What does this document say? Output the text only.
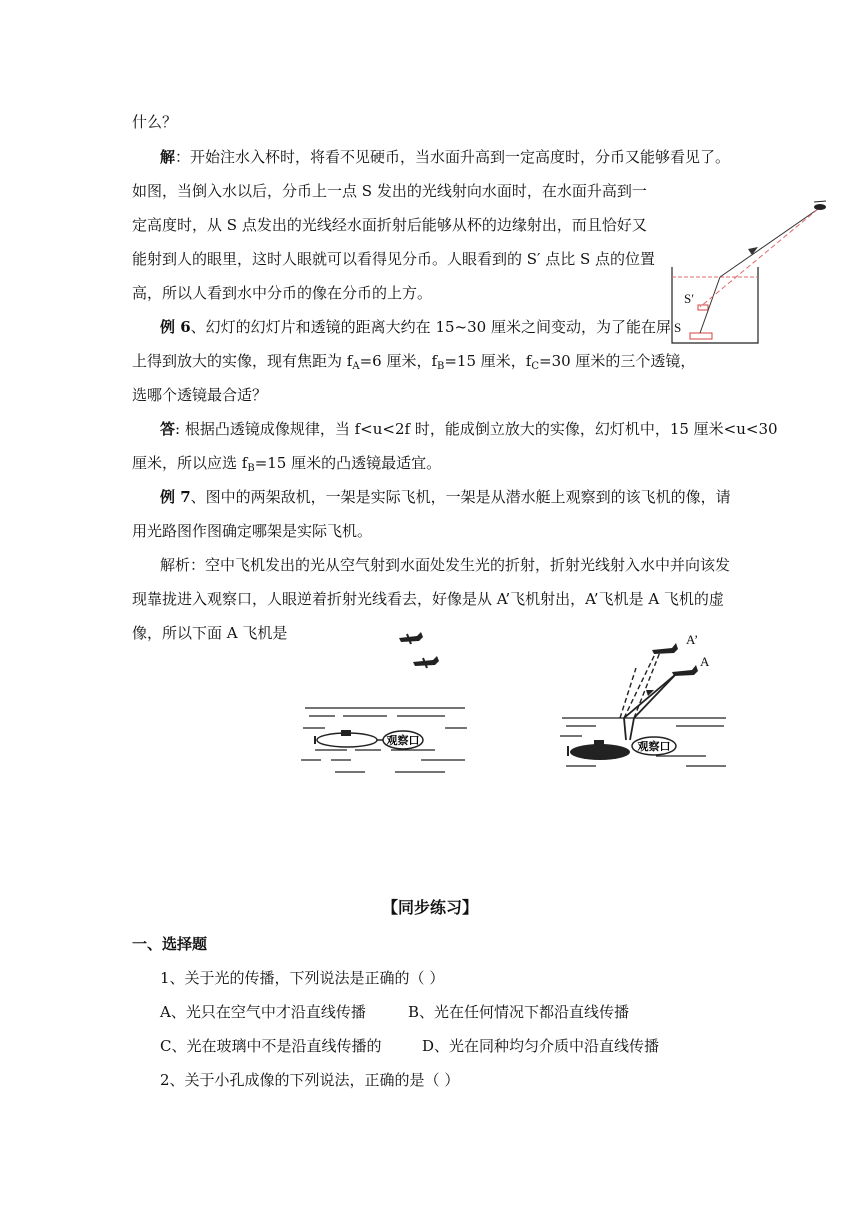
什么？
解：开始注水入杯时，将看不见硬币，当水面升高到一定高度时，分币又能够看见了。
如图，当倒入水以后，分币上一点 S 发出的光线射向水面时，在水面升高到一
定高度时，从 S 点发出的光线经水面折射后能够从杯的边缘射出，而且恰好又
能射到人的眼里，这时人眼就可以看得见分币。人眼看到的 S′ 点比 S 点的位置
高，所以人看到水中分币的像在分币的上方。	S′
S
例 6、幻灯的幻灯片和透镜的距离大约在 15~30 厘米之间变动，为了能在屏
上得到放大的实像，现有焦距为 $f_A=6$ 厘米，$f_B=15$ 厘米，$f_C=30$ 厘米的三个透镜，
选哪个透镜最合适？
答: 根据凸透镜成像规律，当 f<u<2f 时，能成倒立放大的实像，幻灯机中，15 厘米<u<30
厘米，所以应选 $f_B=15$ 厘米的凸透镜最适宜。
例 7、图中的两架敌机，一架是实际飞机，一架是从潜水艇上观察到的该飞机的像，请
用光路图作图确定哪架是实际飞机。
解析：空中飞机发出的光从空气射到水面处发生光的折射，折射光线射入水中并向该发
现靠拢进入观察口，人眼逆着折射光线看去，好像是从 A’飞机射出，A’飞机是 A 飞机的虚
像，所以下面 A 飞机是
观察口	观察口
A’
A
【同步练习】
一、选择题
1、关于光的传播，下列说法是正确的（ ）
A、光只在空气中才沿直线传播	B、光在任何情况下都沿直线传播
C、光在玻璃中不是沿直线传播的	D、光在同种均匀介质中沿直线传播
2、关于小孔成像的下列说法，正确的是（ ）
